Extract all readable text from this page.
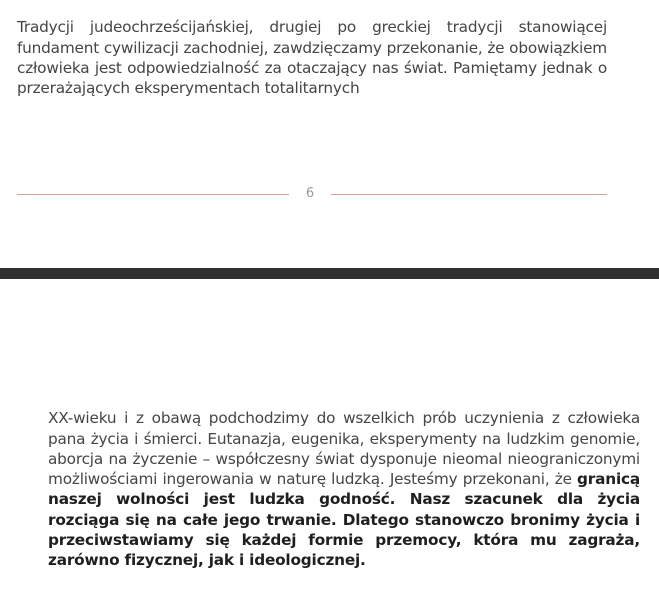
Tradycji judeochrześcijańskiej, drugiej po greckiej tradycji stanowiącej fundament cywilizacji zachodniej, zawdzięczamy przekonanie, że obowiązkiem człowieka jest odpowiedzialność za otaczający nas świat. Pamiętamy jednak o przerażających eksperymentach totalitarnych

6

XX-wieku i z obawą podchodzimy do wszelkich prób uczynienia z człowieka pana życia i śmierci. Eutanazja, eugenika, eksperymenty na ludzkim genomie, aborcja na życzenie – współczesny świat dysponuje nieomal nieograniczonymi możliwościami ingerowania w naturę ludzką. Jesteśmy przekonani, że granicą naszej wolności jest ludzka godność. Nasz szacunek dla życia rozciąga się na całe jego trwanie. Dlatego stanowczo bronimy życia i przeciwstawiamy się każdej formie przemocy, która mu zagraża, zarówno fizycznej, jak i ideologicznej.
